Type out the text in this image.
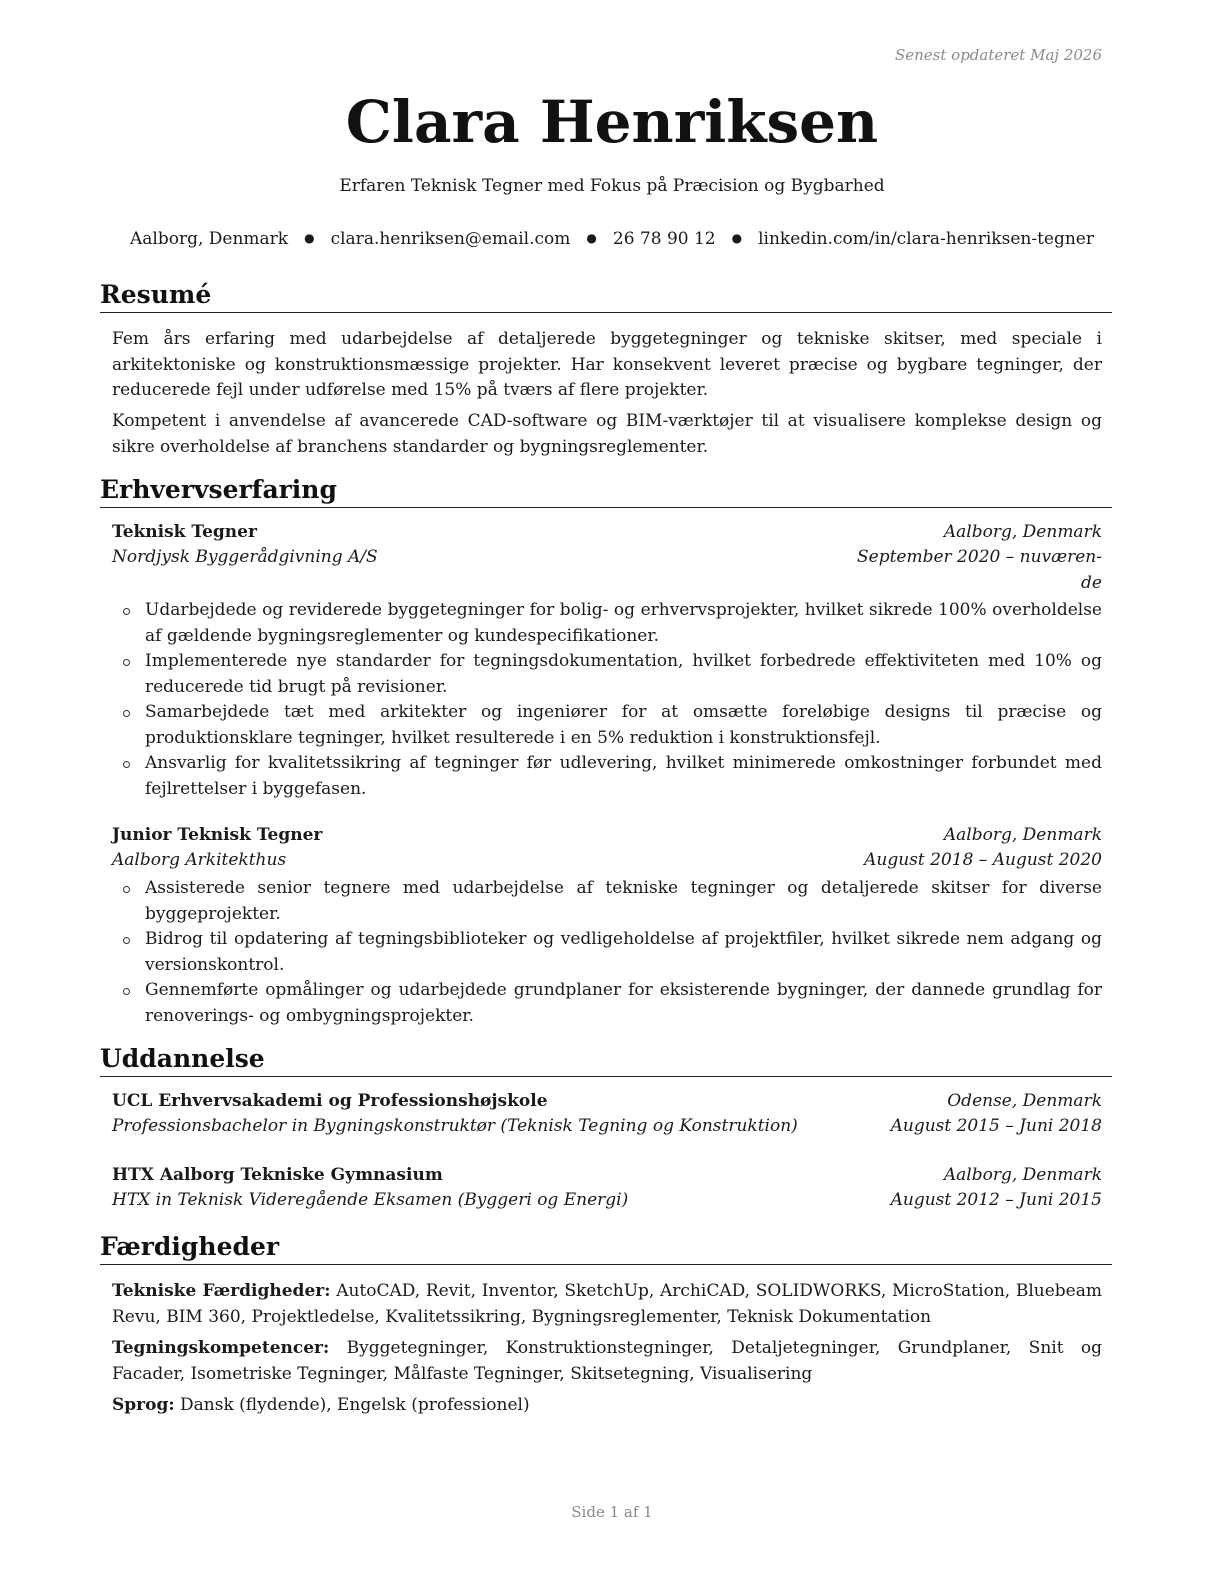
Senest opdateret Maj 2026
Clara Henriksen
Erfaren Teknisk Tegner med Fokus på Præcision og Bygbarhed
Aalborg, Denmark ● clara.henriksen@email.com ● 26 78 90 12 ● linkedin.com/in/clara-henriksen-tegner
Resumé
Fem års erfaring med udarbejdelse af detaljerede byggetegninger og tekniske skitser, med speciale i arkitektoniske og konstruktionsmæssige projekter. Har konsekvent leveret præcise og bygbare tegninger, der reducerede fejl under udførelse med 15% på tværs af flere projekter.
Kompetent i anvendelse af avancerede CAD-software og BIM-værktøjer til at visualisere komplekse design og sikre overholdelse af branchens standarder og bygningsreglementer.
Erhvervserfaring
Teknisk Tegner	Aalborg, Denmark
Nordjysk Byggerådgivning A/S	September 2020 – nuværen-
de
Udarbejdede og reviderede byggetegninger for bolig- og erhvervsprojekter, hvilket sikrede 100% overholdelse af gældende bygningsreglementer og kundespecifikationer.
Implementerede nye standarder for tegningsdokumentation, hvilket forbedrede effektiviteten med 10% og reducerede tid brugt på revisioner.
Samarbejdede tæt med arkitekter og ingeniører for at omsætte foreløbige designs til præcise og produktionsklare tegninger, hvilket resulterede i en 5% reduktion i konstruktionsfejl.
Ansvarlig for kvalitetssikring af tegninger før udlevering, hvilket minimerede omkostninger forbundet med fejlrettelser i byggefasen.
Junior Teknisk Tegner	Aalborg, Denmark
Aalborg Arkitekthus	August 2018 – August 2020
Assisterede senior tegnere med udarbejdelse af tekniske tegninger og detaljerede skitser for diverse byggeprojekter.
Bidrog til opdatering af tegningsbiblioteker og vedligeholdelse af projektfiler, hvilket sikrede nem adgang og versionskontrol.
Gennemførte opmålinger og udarbejdede grundplaner for eksisterende bygninger, der dannede grundlag for renoverings- og ombygningsprojekter.
Uddannelse
UCL Erhvervsakademi og Professionshøjskole	Odense, Denmark
Professionsbachelor in Bygningskonstruktør (Teknisk Tegning og Konstruktion)	August 2015 – Juni 2018
HTX Aalborg Tekniske Gymnasium	Aalborg, Denmark
HTX in Teknisk Videregående Eksamen (Byggeri og Energi)	August 2012 – Juni 2015
Færdigheder
Tekniske Færdigheder: AutoCAD, Revit, Inventor, SketchUp, ArchiCAD, SOLIDWORKS, MicroStation, Bluebeam Revu, BIM 360, Projektledelse, Kvalitetssikring, Bygningsreglementer, Teknisk Dokumentation
Tegningskompetencer: Byggetegninger, Konstruktionstegninger, Detaljetegninger, Grundplaner, Snit og Facader, Isometriske Tegninger, Målfaste Tegninger, Skitsetegning, Visualisering
Sprog: Dansk (flydende), Engelsk (professionel)
Side 1 af 1
